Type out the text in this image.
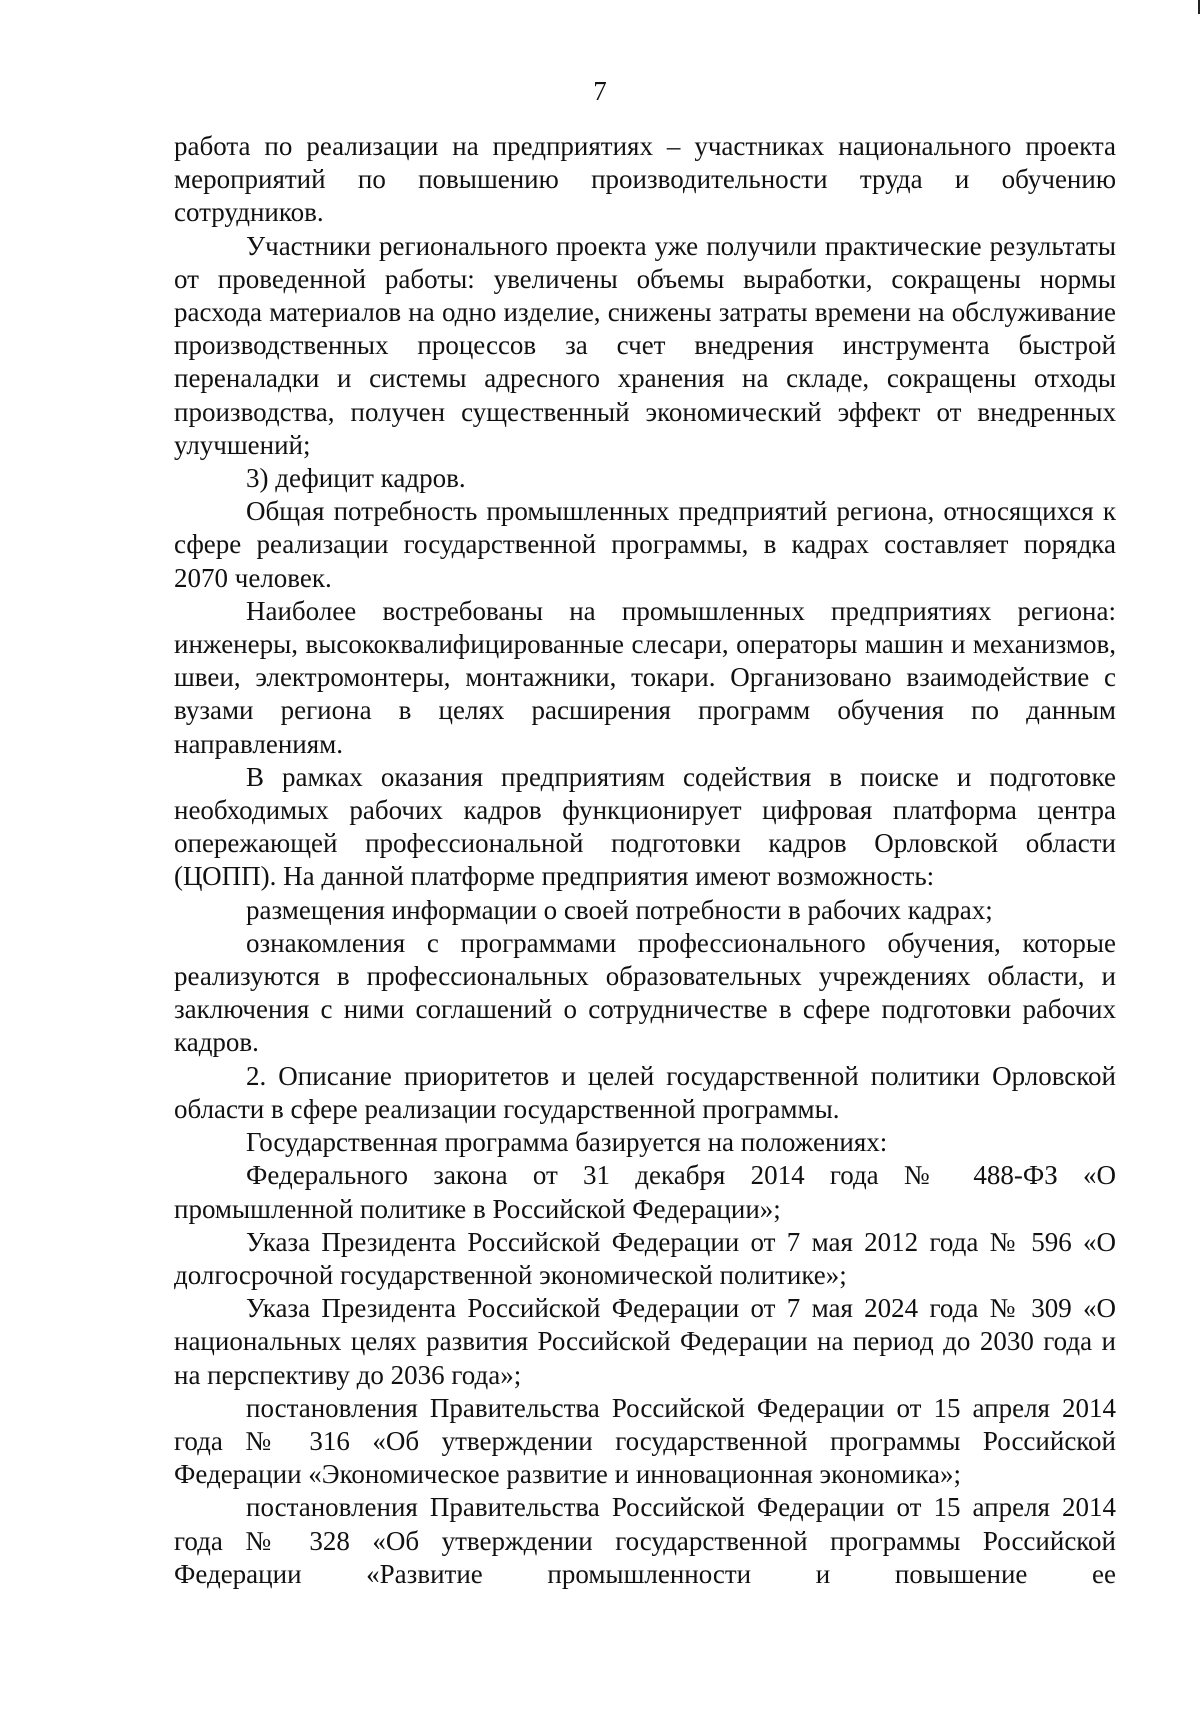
7

работа по реализации на предприятиях – участниках национального проекта мероприятий по повышению производительности труда и обучению сотрудников.

Участники регионального проекта уже получили практические результаты от проведенной работы: увеличены объемы выработки, сокращены нормы расхода материалов на одно изделие, снижены затраты времени на обслуживание производственных процессов за счет внедрения инструмента быстрой переналадки и системы адресного хранения на складе, сокращены отходы производства, получен существенный экономический эффект от внедренных улучшений;

3) дефицит кадров.

Общая потребность промышленных предприятий региона, относящихся к сфере реализации государственной программы, в кадрах составляет порядка 2070 человек.

Наиболее востребованы на промышленных предприятиях региона: инженеры, высококвалифицированные слесари, операторы машин и механизмов, швеи, электромонтеры, монтажники, токари. Организовано взаимодействие с вузами региона в целях расширения программ обучения по данным направлениям.

В рамках оказания предприятиям содействия в поиске и подготовке необходимых рабочих кадров функционирует цифровая платформа центра опережающей профессиональной подготовки кадров Орловской области (ЦОПП). На данной платформе предприятия имеют возможность:

размещения информации о своей потребности в рабочих кадрах;

ознакомления с программами профессионального обучения, которые реализуются в профессиональных образовательных учреждениях области, и заключения с ними соглашений о сотрудничестве в сфере подготовки рабочих кадров.

2. Описание приоритетов и целей государственной политики Орловской области в сфере реализации государственной программы.

Государственная программа базируется на положениях:

Федерального закона от 31 декабря 2014 года № 488-ФЗ «О промышленной политике в Российской Федерации»;

Указа Президента Российской Федерации от 7 мая 2012 года № 596 «О долгосрочной государственной экономической политике»;

Указа Президента Российской Федерации от 7 мая 2024 года № 309 «О национальных целях развития Российской Федерации на период до 2030 года и на перспективу до 2036 года»;

постановления Правительства Российской Федерации от 15 апреля 2014 года № 316 «Об утверждении государственной программы Российской Федерации «Экономическое развитие и инновационная экономика»;

постановления Правительства Российской Федерации от 15 апреля 2014 года № 328 «Об утверждении государственной программы Российской Федерации «Развитие промышленности и повышение ее
